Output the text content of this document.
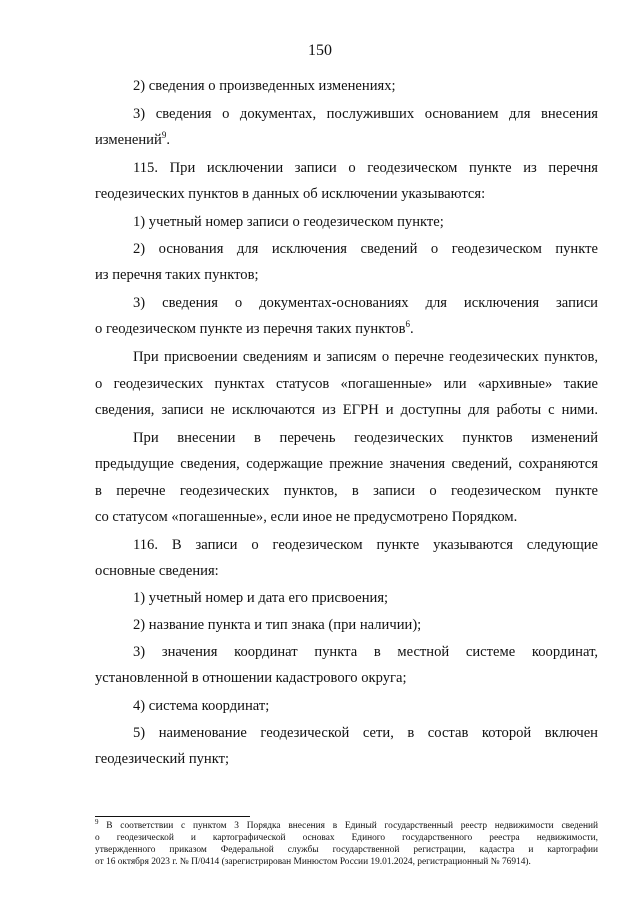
150
2) сведения о произведенных изменениях;
3) сведения о документах, послуживших основанием для внесения
изменений$^9$.
115. При исключении записи о геодезическом пункте из перечня
геодезических пунктов в данных об исключении указываются:
1) учетный номер записи о геодезическом пункте;
2) основания для исключения сведений о геодезическом пункте
из перечня таких пунктов;
3) сведения о документах-основаниях для исключения записи
о геодезическом пункте из перечня таких пунктов$^6$.
При присвоении сведениям и записям о перечне геодезических пунктов,
о геодезических пунктах статусов «погашенные» или «архивные» такие
сведения, записи не исключаются из ЕГРН и доступны для работы с ними.
При внесении в перечень геодезических пунктов изменений
предыдущие сведения, содержащие прежние значения сведений, сохраняются
в перечне геодезических пунктов, в записи о геодезическом пункте
со статусом «погашенные», если иное не предусмотрено Порядком.
116. В записи о геодезическом пункте указываются следующие
основные сведения:
1) учетный номер и дата его присвоения;
2) название пункта и тип знака (при наличии);
3) значения координат пункта в местной системе координат,
установленной в отношении кадастрового округа;
4) система координат;
5) наименование геодезической сети, в состав которой включен
геодезический пункт;
$^9$ В соответствии с пунктом 3 Порядка внесения в Единый государственный реестр недвижимости сведений
о геодезической и картографической основах Единого государственного реестра недвижимости,
утвержденного приказом Федеральной службы государственной регистрации, кадастра и картографии
от 16 октября 2023 г. № П/0414 (зарегистрирован Минюстом России 19.01.2024, регистрационный № 76914).
